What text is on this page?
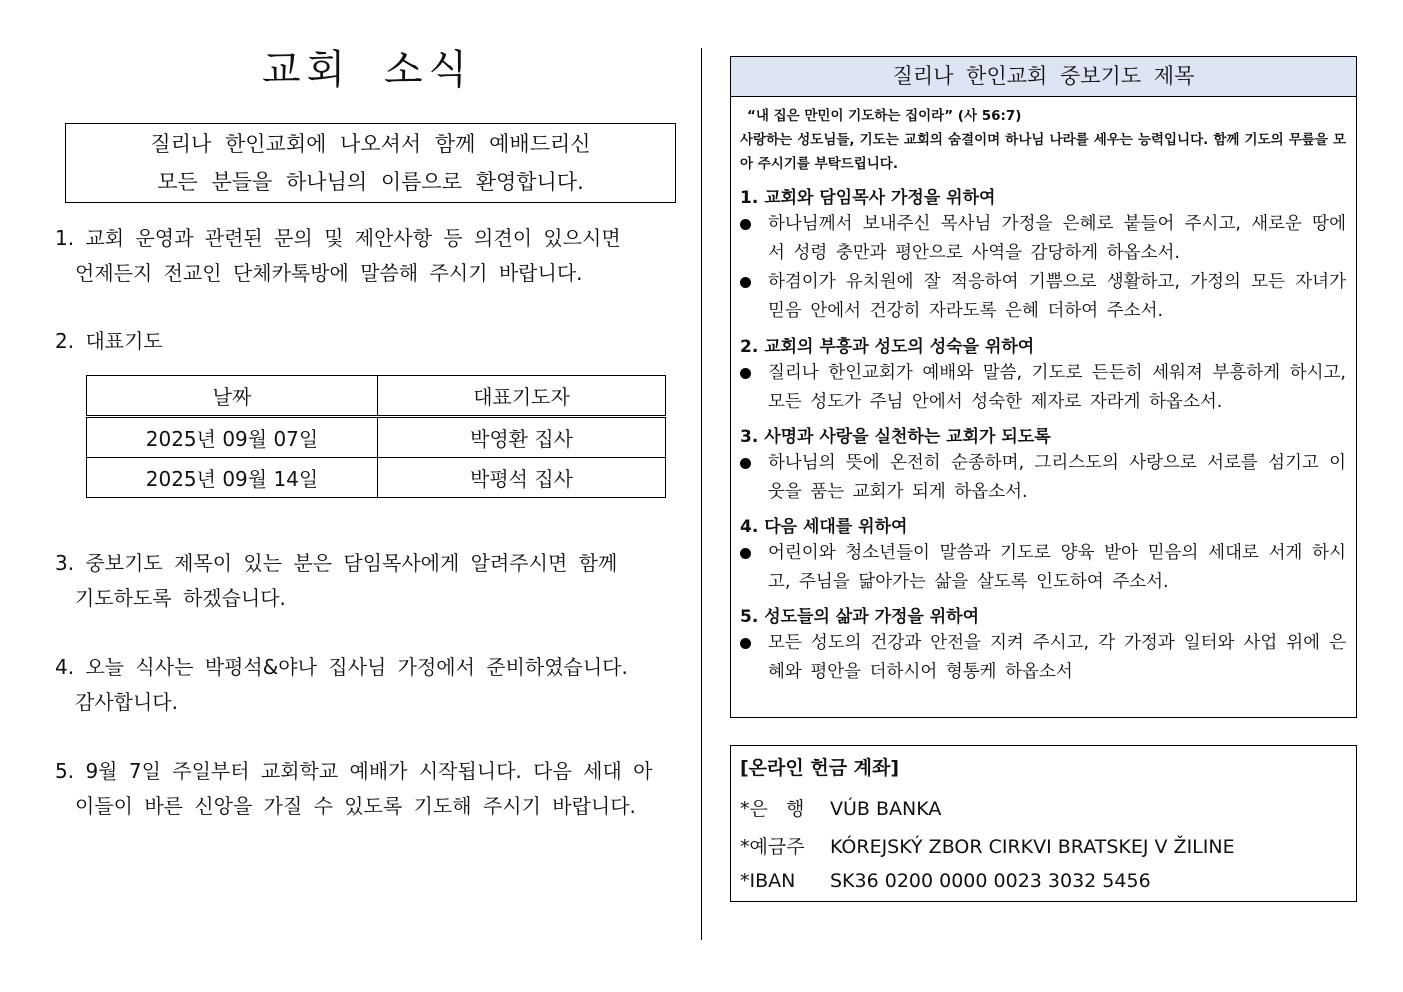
교회 소식
질리나 한인교회에 나오셔서 함께 예배드리신
모든 분들을 하나님의 이름으로 환영합니다.
1. 교회 운영과 관련된 문의 및 제안사항 등 의견이 있으시면
언제든지 전교인 단체카톡방에 말씀해 주시기 바랍니다.
2. 대표기도
날짜	대표기도자
2025년 09월 07일	박영환 집사
2025년 09월 14일	박평석 집사
3. 중보기도 제목이 있는 분은 담임목사에게 알려주시면 함께
기도하도록 하겠습니다.
4. 오늘 식사는 박평석&야나 집사님 가정에서 준비하였습니다.
감사합니다.
5. 9월 7일 주일부터 교회학교 예배가 시작됩니다. 다음 세대 아
이들이 바른 신앙을 가질 수 있도록 기도해 주시기 바랍니다.
질리나 한인교회 중보기도 제목
“내 집은 만민이 기도하는 집이라” (사 56:7)
사랑하는 성도님들, 기도는 교회의 숨결이며 하나님 나라를 세우는 능력입니다. 함께 기도의 무릎을 모아 주시기를 부탁드립니다.
1. 교회와 담임목사 가정을 위하여
하나님께서 보내주신 목사님 가정을 은혜로 붙들어 주시고, 새로운 땅에서 성령 충만과 평안으로 사역을 감당하게 하옵소서.
하겸이가 유치원에 잘 적응하여 기쁨으로 생활하고, 가정의 모든 자녀가 믿음 안에서 건강히 자라도록 은혜 더하여 주소서.
2. 교회의 부흥과 성도의 성숙을 위하여
질리나 한인교회가 예배와 말씀, 기도로 든든히 세워져 부흥하게 하시고, 모든 성도가 주님 안에서 성숙한 제자로 자라게 하옵소서.
3. 사명과 사랑을 실천하는 교회가 되도록
하나님의 뜻에 온전히 순종하며, 그리스도의 사랑으로 서로를 섬기고 이웃을 품는 교회가 되게 하옵소서.
4. 다음 세대를 위하여
어린이와 청소년들이 말씀과 기도로 양육 받아 믿음의 세대로 서게 하시고, 주님을 닮아가는 삶을 살도록 인도하여 주소서.
5. 성도들의 삶과 가정을 위하여
모든 성도의 건강과 안전을 지켜 주시고, 각 가정과 일터와 사업 위에 은혜와 평안을 더하시어 형통케 하옵소서
[온라인 헌금 계좌]
*은   행 VÚB BANKA
*예금주 KÓREJSKÝ ZBOR CIRKVI BRATSKEJ V ŽILINE
*IBAN SK36 0200 0000 0023 3032 5456
